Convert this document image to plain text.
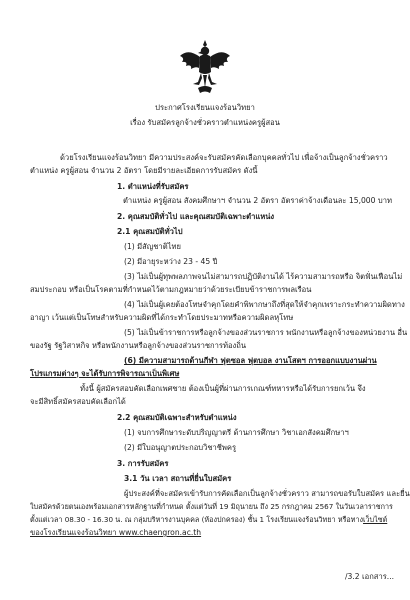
ประกาศโรงเรียนแจงร้อนวิทยา
เรื่อง รับสมัครลูกจ้างชั่วคราวตำแหน่งครูผู้สอน
ด้วยโรงเรียนแจงร้อนวิทยา มีความประสงค์จะรับสมัครคัดเลือกบุคคลทั่วไป เพื่อจ้างเป็นลูกจ้างชั่วคราว
ตำแหน่ง ครูผู้สอน จำนวน 2 อัตรา โดยมีรายละเอียดการรับสมัคร ดังนี้
1. ตำแหน่งที่รับสมัคร
ตำแหน่ง ครูผู้สอน สังคมศึกษาฯ จำนวน 2 อัตรา อัตราค่าจ้างเดือนละ 15,000 บาท
2. คุณสมบัติทั่วไป และคุณสมบัติเฉพาะตำแหน่ง
2.1 คุณสมบัติทั่วไป
(1) มีสัญชาติไทย
(2) มีอายุระหว่าง 23 - 45 ปี
(3) ไม่เป็นผู้ทุพพลภาพจนไม่สามารถปฏิบัติงานได้ ไร้ความสามารถหรือ จิตฟั่นเฟือนไม่
สมประกอบ หรือเป็นโรคตามที่กำหนดไว้ตามกฎหมายว่าด้วยระเบียบข้าราชการพลเรือน
(4) ไม่เป็นผู้เคยต้องโทษจำคุกโดยคำพิพากษาถึงที่สุดให้จำคุกเพราะกระทำความผิดทาง
อาญา เว้นแต่เป็นโทษสำหรับความผิดที่ได้กระทำโดยประมาทหรือความผิดลหุโทษ
(5) ไม่เป็นข้าราชการหรือลูกจ้างของส่วนราชการ พนักงานหรือลูกจ้างของหน่วยงาน อื่น
ของรัฐ รัฐวิสาหกิจ หรือพนักงานหรือลูกจ้างของส่วนราชการท้องถิ่น
(6) มีความสามารถด้านกีฬา ฟุตซอล ฟุตบอล งานโสตฯ การออกแบบงานผ่าน
โปรแกรมต่างๆ จะได้รับการพิจารณาเป็นพิเศษ
ทั้งนี้ ผู้สมัครสอบคัดเลือกเพศชาย ต้องเป็นผู้ที่ผ่านการเกณฑ์ทหารหรือได้รับการยกเว้น จึง
จะมีสิทธิ์สมัครสอบคัดเลือกได้
2.2 คุณสมบัติเฉพาะสำหรับตำแหน่ง
(1) จบการศึกษาระดับปริญญาตรี ด้านการศึกษา วิชาเอกสังคมศึกษาฯ
(2) มีใบอนุญาตประกอบวิชาชีพครู
3. การรับสมัคร
3.1 วัน เวลา สถานที่ยื่นใบสมัคร
ผู้ประสงค์ที่จะสมัครเข้ารับการคัดเลือกเป็นลูกจ้างชั่วคราว สามารถขอรับใบสมัคร และยื่น
ใบสมัครด้วยตนเองพร้อมเอกสารหลักฐานที่กำหนด ตั้งแต่วันที่ 19 มิถุนายน ถึง 25 กรกฎาคม 2567 ในวันเวลาราชการ
ตั้งแต่เวลา 08.30 - 16.30 น. ณ กลุ่มบริหารงานบุคคล (ห้องปกครอง) ชั้น 1 โรงเรียนแจงร้อนวิทยา หรือทางเว็บไซต์
ของโรงเรียนแจงร้อนวิทยา www.chaengron.ac.th
/3.2 เอกสาร...
